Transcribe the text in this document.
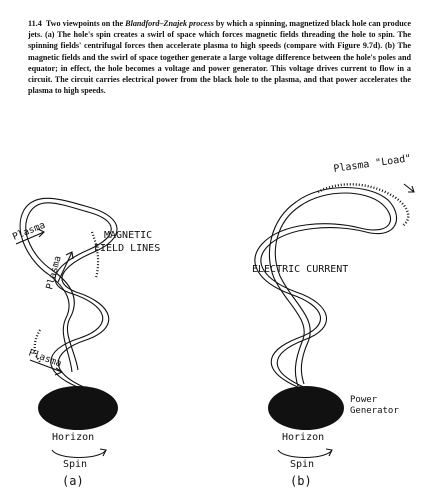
11.4 Two viewpoints on the Blandford–Znajek process by which a spinning, magnetized black hole can produce jets. (a) The hole's spin creates a swirl of space which forces magnetic fields threading the hole to spin. The spinning fields' centrifugal forces then accelerate plasma to high speeds (compare with Figure 9.7d). (b) The magnetic fields and the swirl of space together generate a large voltage difference between the hole's poles and equator; in effect, the hole becomes a voltage and power generator. This voltage drives current to flow in a circuit. The circuit carries electrical power from the black hole to the plasma, and that power accelerates the plasma to high speeds.
Plasma
Plasma
Plasma
MAGNETIC
FIELD LINES
Horizon
Spin
(a)
Plasma "Load"
ELECTRIC CURRENT
Power
Generator
Horizon
Spin
(b)
